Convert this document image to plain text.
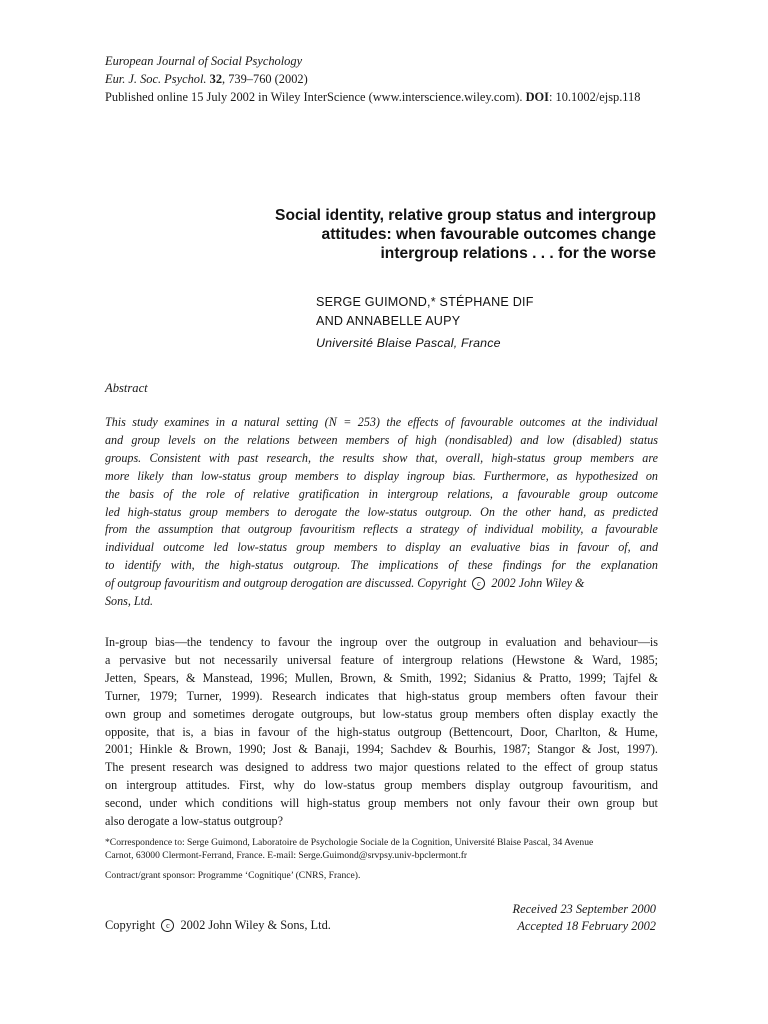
European Journal of Social Psychology
Eur. J. Soc. Psychol. 32, 739–760 (2002)
Published online 15 July 2002 in Wiley InterScience (www.interscience.wiley.com). DOI: 10.1002/ejsp.118
Social identity, relative group status and intergroup
attitudes: when favourable outcomes change
intergroup relations . . . for the worse
SERGE GUIMOND,* STÉPHANE DIF
AND ANNABELLE AUPY
Université Blaise Pascal, France
Abstract
This study examines in a natural setting (N = 253) the effects of favourable outcomes at the individual
and group levels on the relations between members of high (nondisabled) and low (disabled) status
groups. Consistent with past research, the results show that, overall, high-status group members are
more likely than low-status group members to display ingroup bias. Furthermore, as hypothesized on
the basis of the role of relative gratification in intergroup relations, a favourable group outcome
led high-status group members to derogate the low-status outgroup. On the other hand, as predicted
from the assumption that outgroup favouritism reflects a strategy of individual mobility, a favourable
individual outcome led low-status group members to display an evaluative bias in favour of, and
to identify with, the high-status outgroup. The implications of these findings for the explanation
of outgroup favouritism and outgroup derogation are discussed. Copyright c 2002 John Wiley &
Sons, Ltd.
In-group bias—the tendency to favour the ingroup over the outgroup in evaluation and behaviour—is
a pervasive but not necessarily universal feature of intergroup relations (Hewstone & Ward, 1985;
Jetten, Spears, & Manstead, 1996; Mullen, Brown, & Smith, 1992; Sidanius & Pratto, 1999; Tajfel &
Turner, 1979; Turner, 1999). Research indicates that high-status group members often favour their
own group and sometimes derogate outgroups, but low-status group members often display exactly the
opposite, that is, a bias in favour of the high-status outgroup (Bettencourt, Door, Charlton, & Hume,
2001; Hinkle & Brown, 1990; Jost & Banaji, 1994; Sachdev & Bourhis, 1987; Stangor & Jost, 1997).
The present research was designed to address two major questions related to the effect of group status
on intergroup attitudes. First, why do low-status group members display outgroup favouritism, and
second, under which conditions will high-status group members not only favour their own group but
also derogate a low-status outgroup?
*Correspondence to: Serge Guimond, Laboratoire de Psychologie Sociale de la Cognition, Université Blaise Pascal, 34 Avenue
Carnot, 63000 Clermont-Ferrand, France. E-mail: Serge.Guimond@srvpsy.univ-bpclermont.fr
Contract/grant sponsor: Programme ‘Cognitique’ (CNRS, France).
Copyright c 2002 John Wiley & Sons, Ltd.
Received 23 September 2000
Accepted 18 February 2002
